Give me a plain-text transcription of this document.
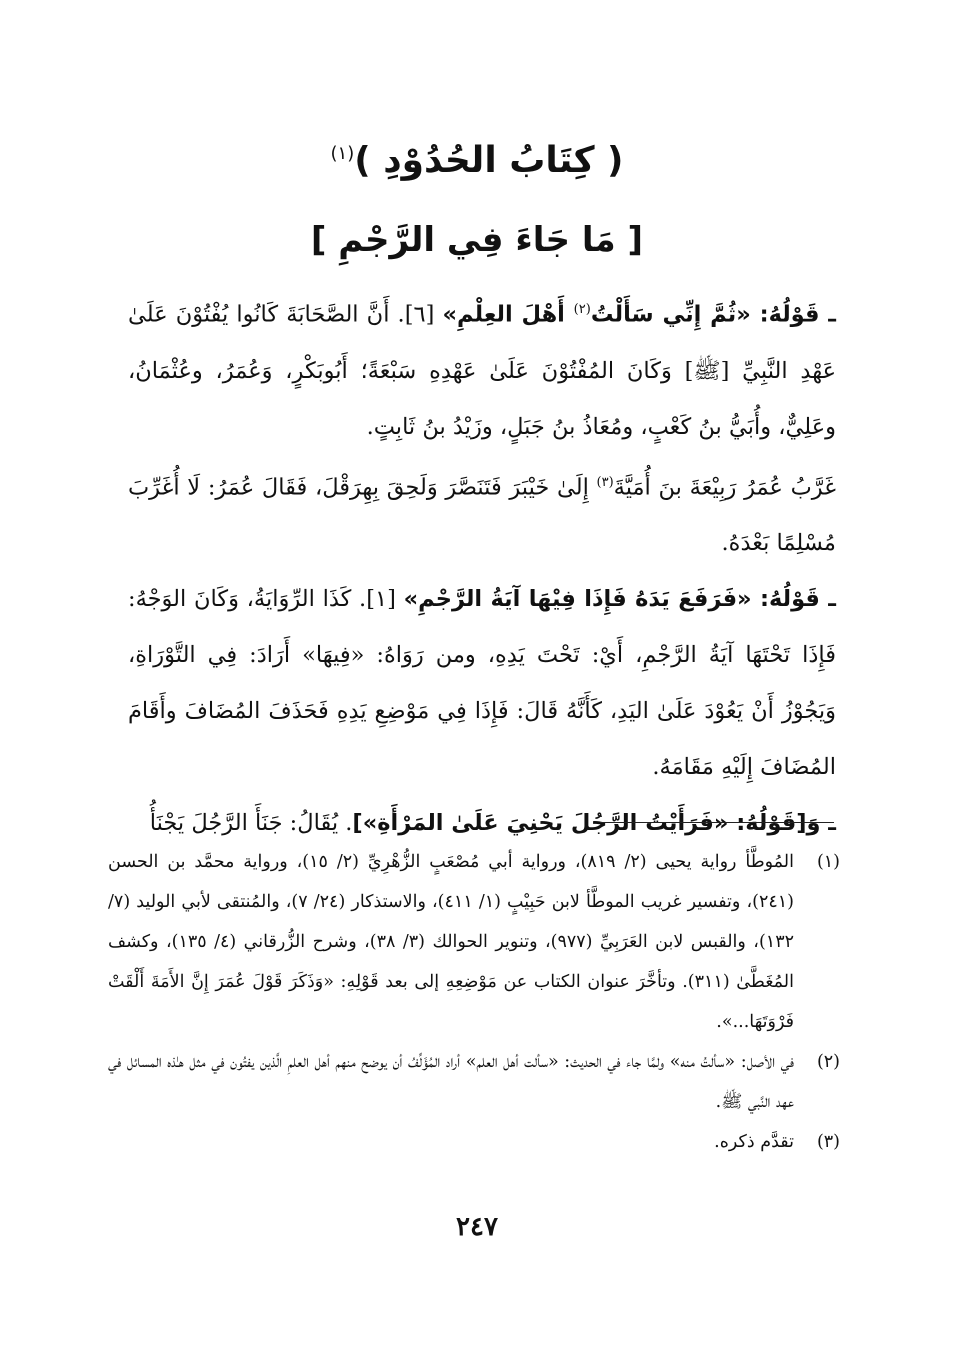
( كِتَابُ الحُدُوْدِ )$^{(١)}$
[ مَا جَاءَ فِي الرَّجْمِ ]

ـ قَوْلُهُ: «ثُمَّ إِنِّي سَأَلْتُ$^{(٢)}$ أَهْلَ العِلْمِ» [٦]. أَنَّ الصَّحَابَةَ كَانُوا يُفْتُوْنَ عَلَىٰ عَهْدِ النَّبِيِّ [ﷺ] وَكَانَ المُفْتُوْنَ عَلَىٰ عَهْدِهِ سَبْعَةً؛ أَبُوبَكْرٍ، وَعُمَرُ، وعُثْمَانُ، وعَلِيٌّ، وأُبَيُّ بنُ كَعْبٍ، ومُعَاذُ بنُ جَبَلٍ، وزَيْدُ بنُ ثَابِتٍ.

غَرَّبُ عُمَرُ رَبِيْعَةَ بنَ أُمَيَّةَ$^{(٣)}$ إِلَىٰ خَيْبَرَ فَتَنَصَّرَ وَلَحِقَ بِهِرَقْلَ، فَقَالَ عُمَرُ: لَا أُغَرِّبَ مُسْلِمًا بَعْدَهُ.

ـ قَوْلُهُ: «فَرَفَعَ يَدَهُ فَإِذَا فِيْهَا آيَةُ الرَّجْمِ» [١]. كَذَا الرِّوَايَةُ، وَكَانَ الوَجْهُ: فَإِذَا تَحْتَهَا آيَةُ الرَّجْمِ، أَيْ: تَحْتَ يَدِهِ، ومن رَوَاهُ: «فِيهَا» أَرَادَ: فِي التَّوْرَاةِ، وَيَجُوْزُ أَنْ يَعُوْدَ عَلَىٰ اليَدِ، كَأَنَّهُ قَالَ: فَإِذَا فِي مَوْضِعِ يَدِهِ فَحَذَفَ المُضَافَ وأَقَامَ المُضَافَ إِلَيْهِ مَقَامَهُ.

ـ وَ[قَوْلُهُ: «فَرَأَيْتُ الرَّجُلَ يَحْنِيَ عَلَىٰ المَرْأَةِ»]. يُقَالُ: جَنَأَ الرَّجُلَ يَجْنَأُ

(١)
المُوطَّأ رواية يحيى (٢/ ٨١٩)، ورواية أبي مُصْعَبٍ الزُّهْرِيِّ (٢/ ١٥)، ورواية محمَّد بن الحسن (٢٤١)، وتفسير غريب الموطَّأ لابن حَبِيْبٍ (١/ ٤١١)، والاستذكار (٢٤/ ٧)، والمُنتقى لأبي الوليد (٧/ ١٣٢)، والقبس لابن العَرَبِيِّ (٩٧٧)، وتنوير الحوالك (٣/ ٣٨)، وشرح الزُّرقاني (٤/ ١٣٥)، وكشف المُغَطَّىٰ (٣١١). وتأخَّرَ عنوان الكتاب عن مَوْضِعِهِ إلى بعد قَوْلِهِ: «وَذَكَرَ قَوْلَ عُمَرَ إِنَّ الأَمَةَ أَلْقَتْ فَرْوَتَهَا...».
(٢)
في الأصل: «سألتُ منه» ولمَّا جاء في الحديث: «سألت أهل العلم» أراد المُؤَلِّفُ أن يوضح منهم أهل العلمِ الَّذين يفتُون في مثل هـٰذه المسائل في عهد النَّبي ﷺ.
(٣)
تقدَّم ذكره.
٢٤٧
